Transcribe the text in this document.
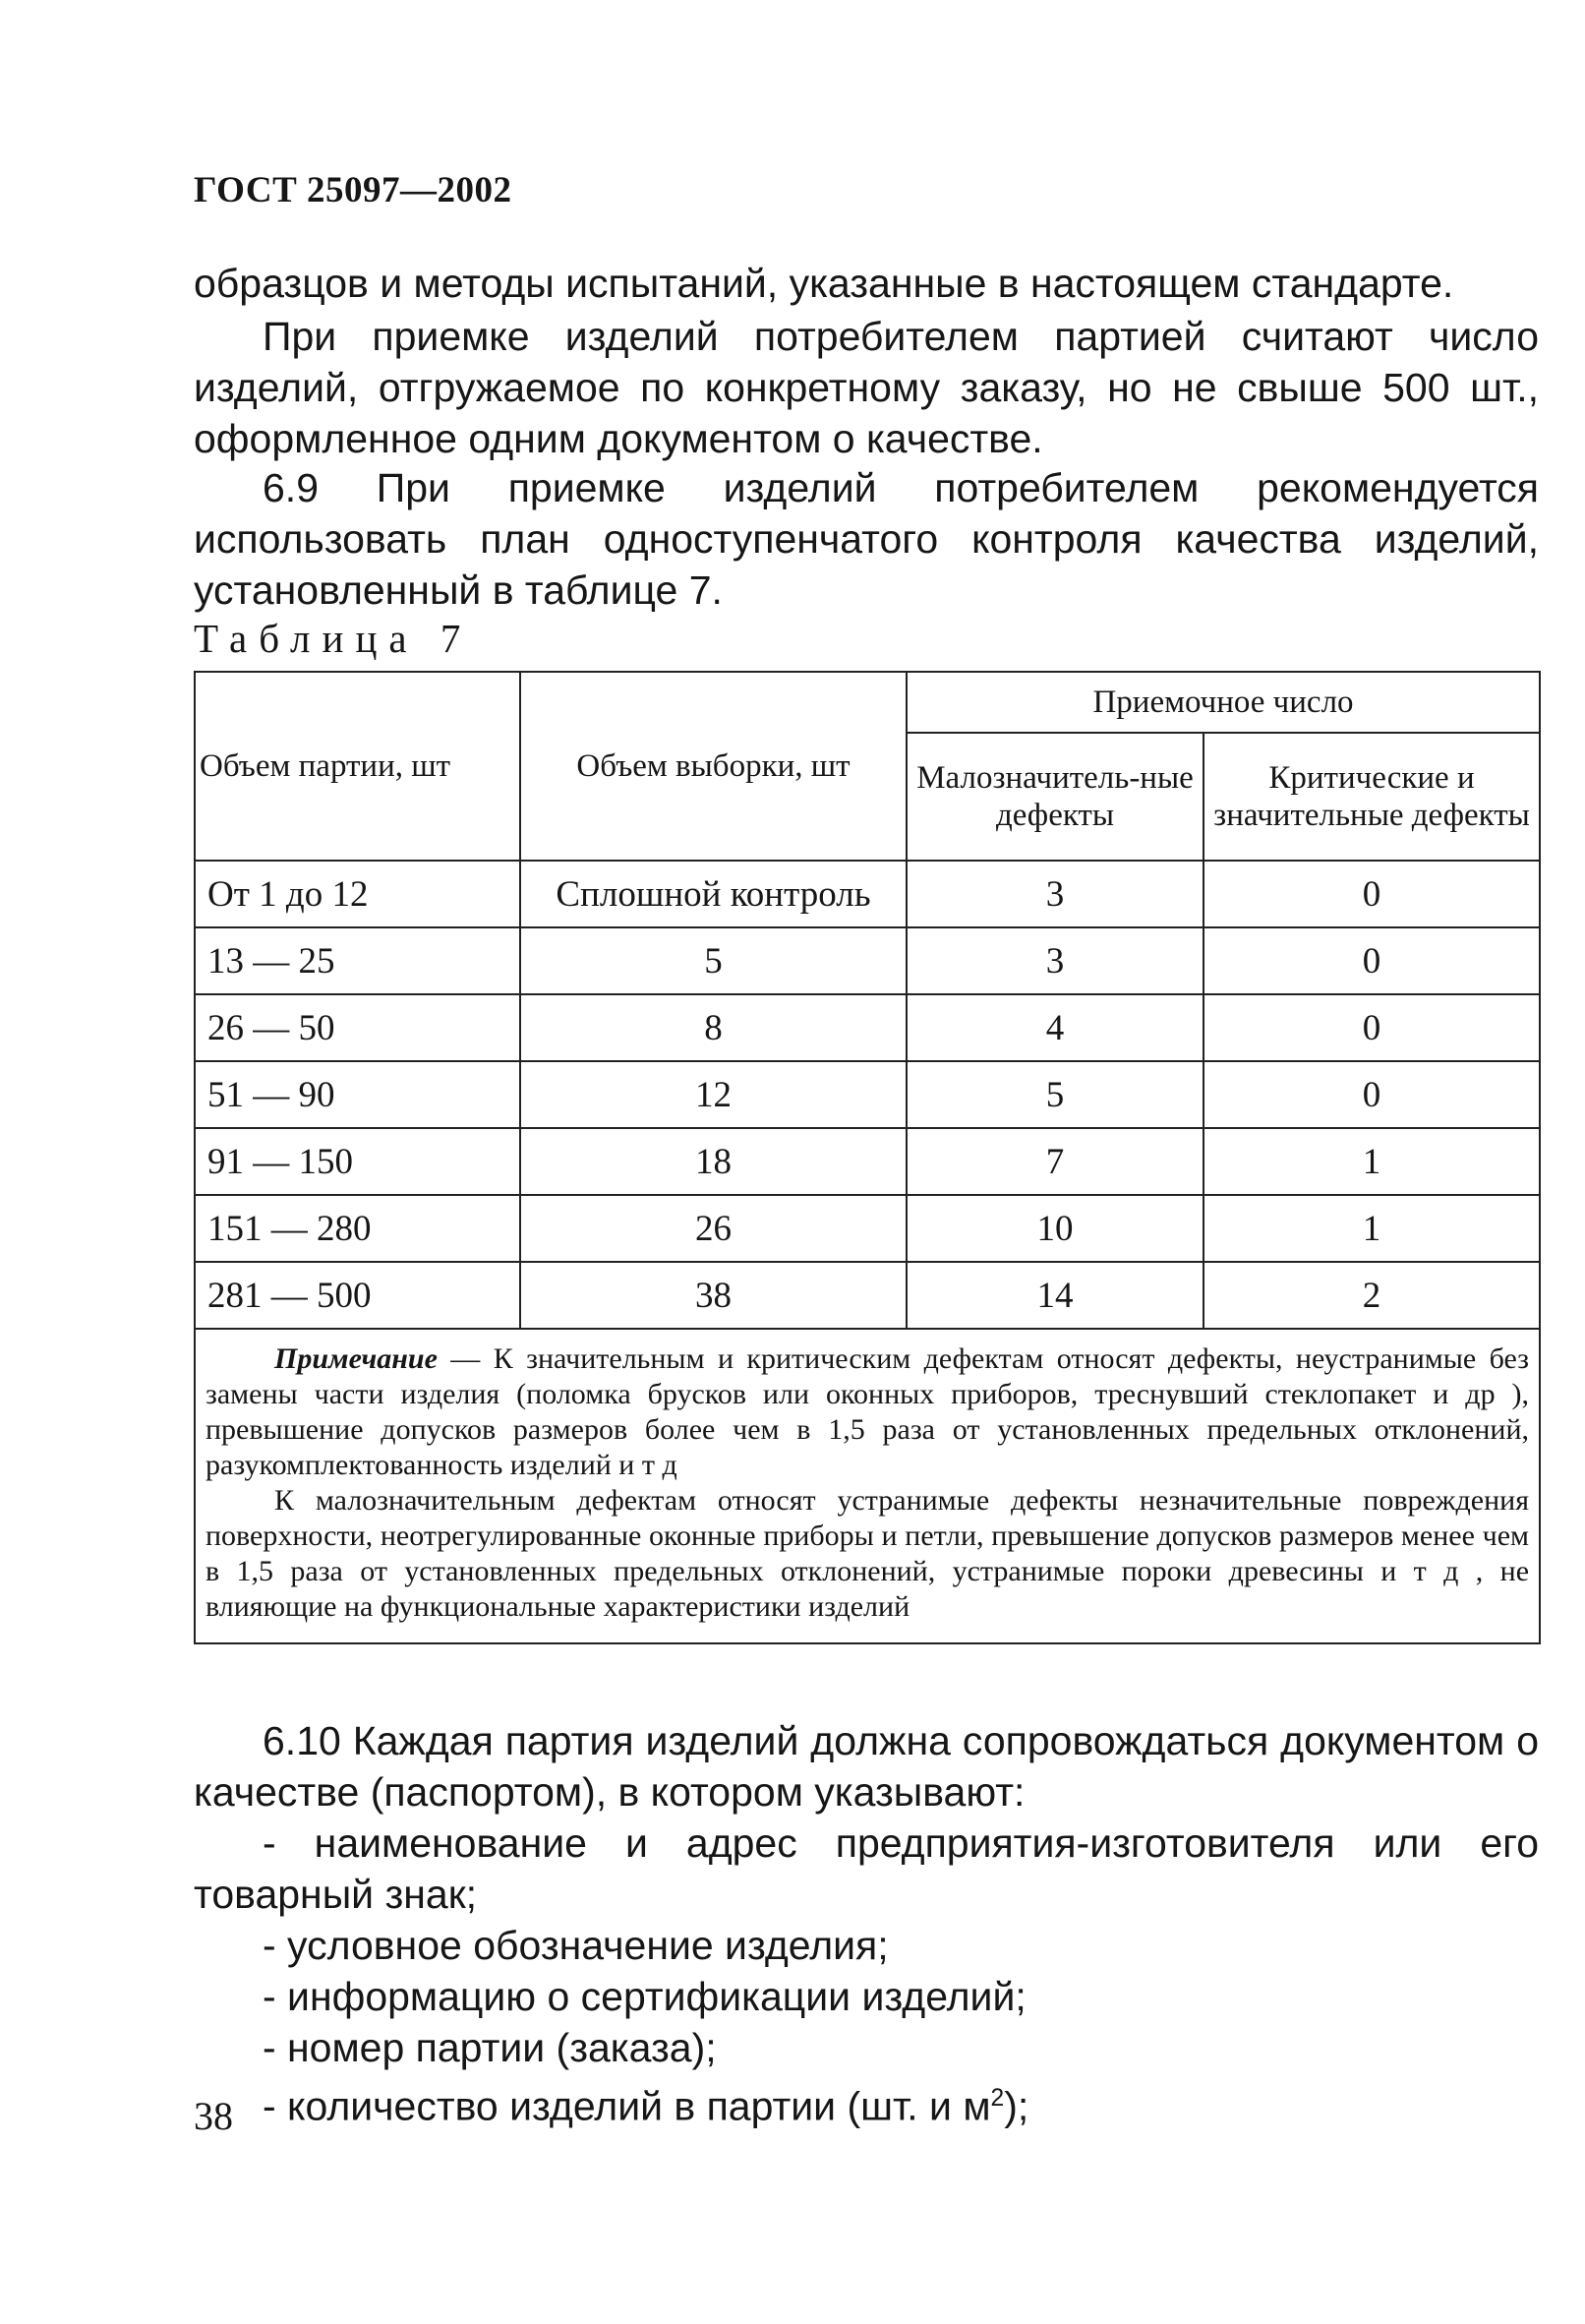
ГОСТ 25097—2002
образцов и методы испытаний, указанные в настоящем стандарте.
При приемке изделий потребителем партией считают число изделий, отгружаемое по конкретному заказу, но не свыше 500 шт., оформленное одним документом о качестве.
6.9 При приемке изделий потребителем рекомендуется использовать план одноступенчатого контроля качества изделий, установленный в таблице 7.
Таблица 7
Объем партии, шт	Объем выборки, шт	Приемочное число	
		Малозначитель-ные дефекты	Критические и значительные дефекты
От 1 до 12	Сплошной контроль	3	0
13 — 25	5	3	0
26 — 50	8	4	0
51 — 90	12	5	0
91 — 150	18	7	1
151 — 280	26	10	1
281 — 500	38	14	2

Примечание — К значительным и критическим дефектам относят дефекты, неустранимые без замены части изделия (поломка брусков или оконных приборов, треснувший стеклопакет и др ), превышение допусков размеров более чем в 1,5 раза от установленных предельных отклонений, разукомплектованность изделий и т д

К малозначительным дефектам относят устранимые дефекты незначительные повреждения поверхности, неотрегулированные оконные приборы и петли, превышение допусков размеров менее чем в 1,5 раза от установленных предельных отклонений, устранимые пороки древесины и т д , не влияющие на функциональные характеристики изделий			

6.10 Каждая партия изделий должна сопровождаться документом о качестве (паспортом), в котором указывают:
- наименование и адрес предприятия-изготовителя или его товарный знак;
- условное обозначение изделия;
- информацию о сертификации изделий;
- номер партии (заказа);
- количество изделий в партии (шт. и $м^2$);
38
